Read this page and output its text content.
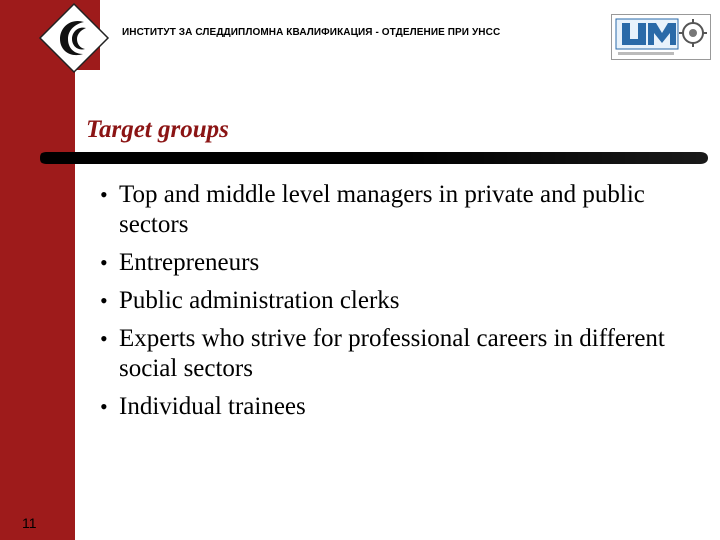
ИНСТИТУТ ЗА СЛЕДДИПЛОМНА КВАЛИФИКАЦИЯ - ОТДЕЛЕНИЕ ПРИ УНСС
Target groups
• Top and middle level managers in private and public sectors
• Entrepreneurs
• Public administration clerks
• Experts who strive for professional careers in different social sectors
• Individual trainees
11
